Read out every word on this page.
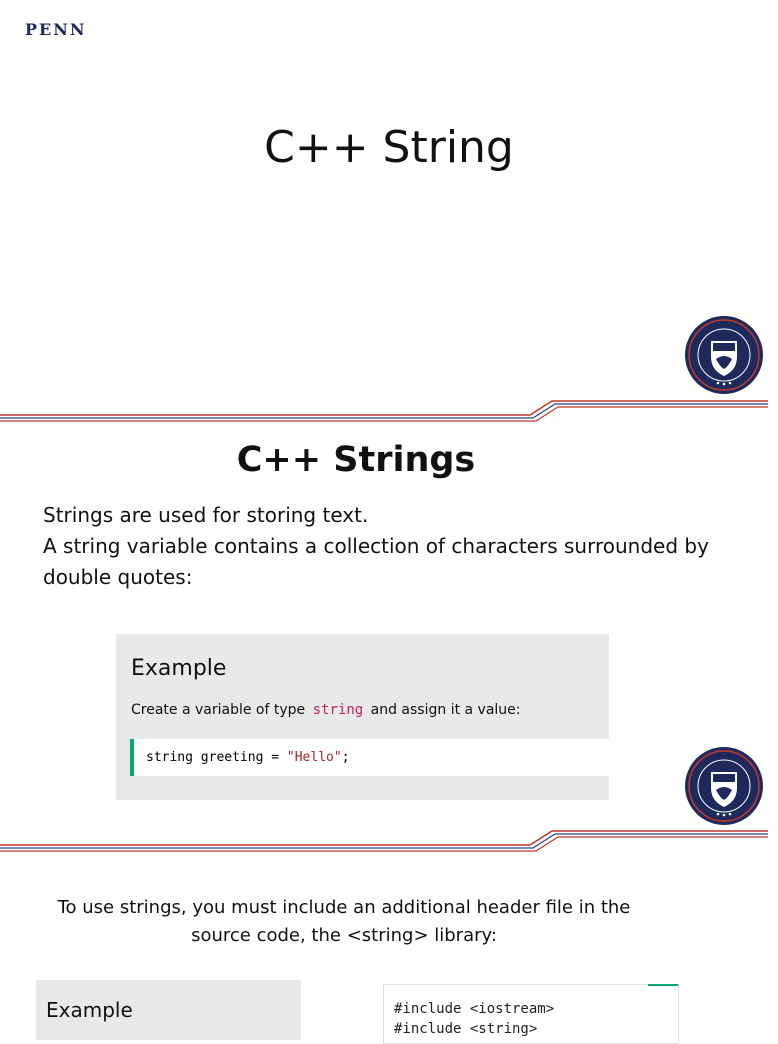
PENN
C++ String
C++ Strings
Strings are used for storing text.
A string variable contains a collection of characters surrounded by
double quotes:
Example
Create a variable of type string and assign it a value:
string greeting = "Hello";
To use strings, you must include an additional header file in the
source code, the <string> library:
Example	#include <iostream>
#include <string>
